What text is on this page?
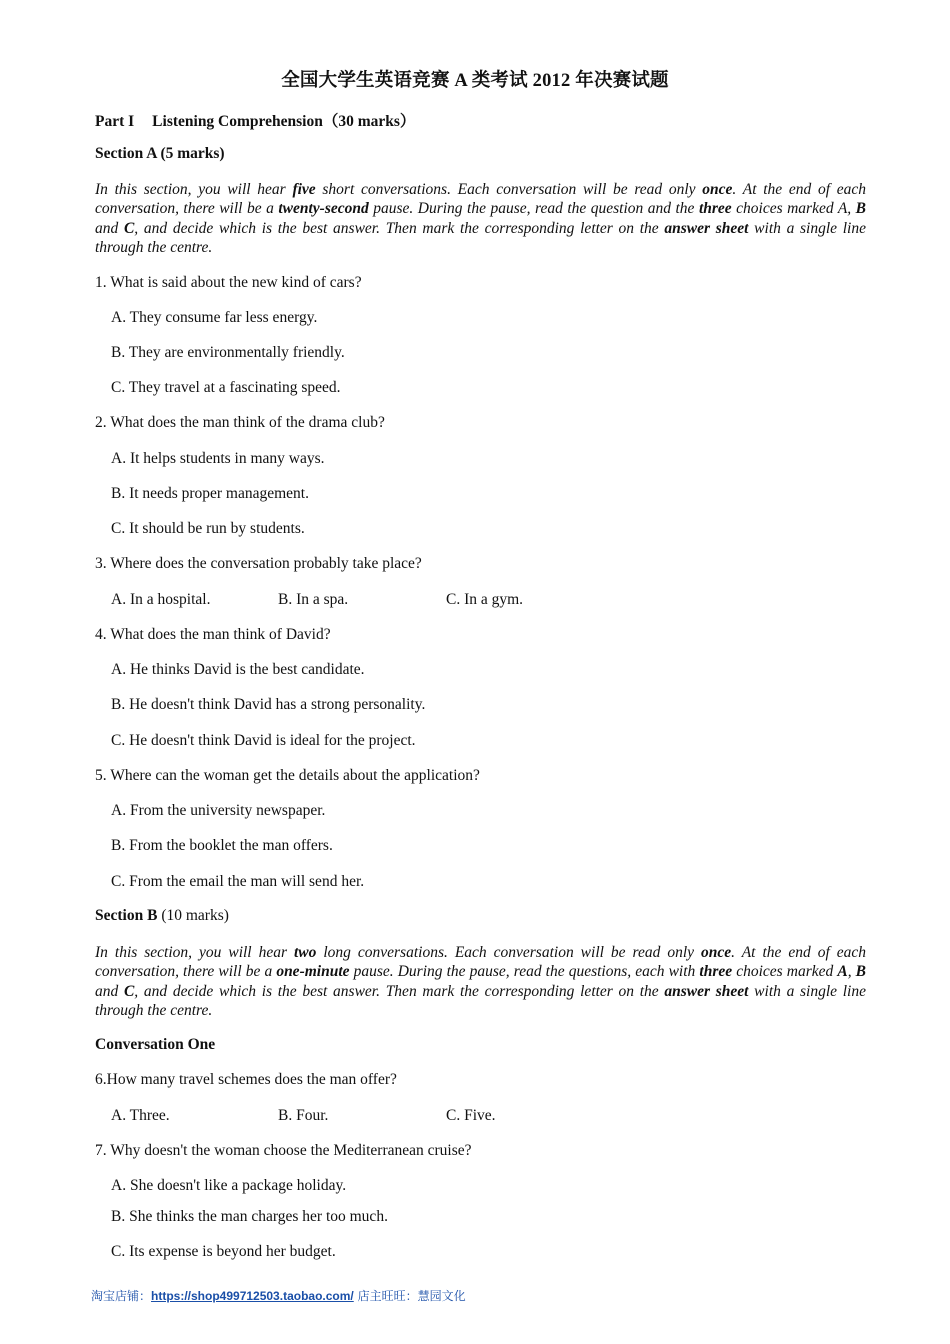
全国大学生英语竞赛 A 类考试 2012 年决赛试题
Part I Listening Comprehension（30 marks）
Section A (5 marks)
In this section, you will hear five short conversations. Each conversation will be read only once. At the end of each conversation, there will be a twenty-second pause. During the pause, read the question and the three choices marked A, B and C, and decide which is the best answer. Then mark the corresponding letter on the answer sheet with a single line through the centre.
1. What is said about the new kind of cars?
A. They consume far less energy.
B. They are environmentally friendly.
C. They travel at a fascinating speed.
2. What does the man think of the drama club?
A. It helps students in many ways.
B. It needs proper management.
C. It should be run by students.
3. Where does the conversation probably take place?
A. In a hospital.	B. In a spa.	C. In a gym.
4. What does the man think of David?
A. He thinks David is the best candidate.
B. He doesn't think David has a strong personality.
C. He doesn't think David is ideal for the project.
5. Where can the woman get the details about the application?
A. From the university newspaper.
B. From the booklet the man offers.
C. From the email the man will send her.
Section B (10 marks)
In this section, you will hear two long conversations. Each conversation will be read only once. At the end of each conversation, there will be a one-minute pause. During the pause, read the questions, each with three choices marked A, B and C, and decide which is the best answer. Then mark the corresponding letter on the answer sheet with a single line through the centre.
Conversation One
6.How many travel schemes does the man offer?
A. Three.	B. Four.	C. Five.
7. Why doesn't the woman choose the Mediterranean cruise?
A. She doesn't like a package holiday.
B. She thinks the man charges her too much.
C. Its expense is beyond her budget.
淘宝店铺：https://shop499712503.taobao.com/ 店主旺旺：慧园文化
